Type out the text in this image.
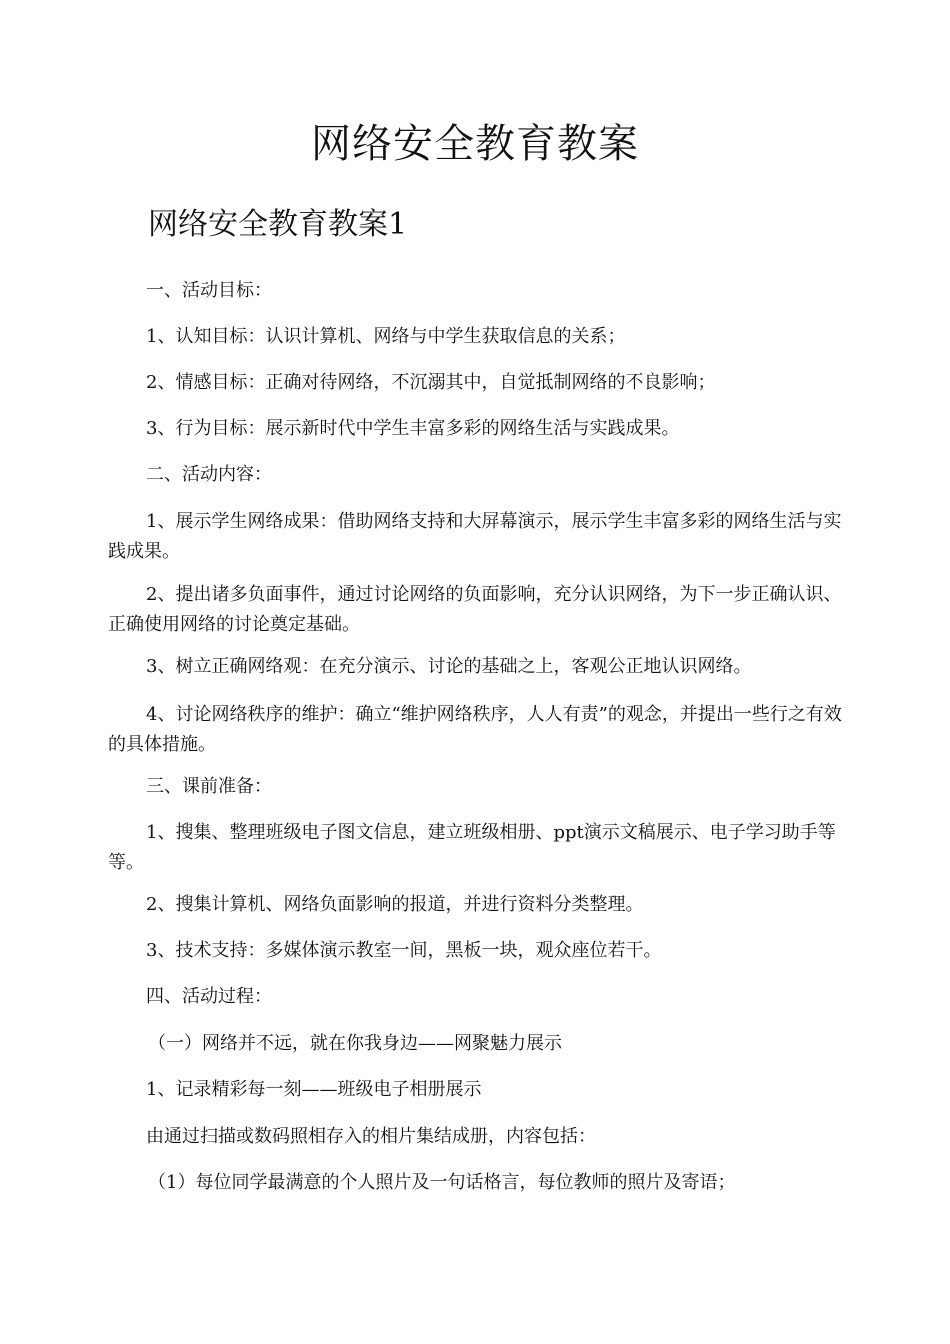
网络安全教育教案
网络安全教育教案1

一、活动目标：

1、认知目标：认识计算机、网络与中学生获取信息的关系；

2、情感目标：正确对待网络，不沉溺其中，自觉抵制网络的不良影响；

3、行为目标：展示新时代中学生丰富多彩的网络生活与实践成果。

二、活动内容：

1、展示学生网络成果：借助网络支持和大屏幕演示，展示学生丰富多彩的网络生活与实践成果。

2、提出诸多负面事件，通过讨论网络的负面影响，充分认识网络，为下一步正确认识、正确使用网络的讨论奠定基础。

3、树立正确网络观：在充分演示、讨论的基础之上，客观公正地认识网络。

4、讨论网络秩序的维护：确立“维护网络秩序，人人有责”的观念，并提出一些行之有效的具体措施。

三、课前准备：

1、搜集、整理班级电子图文信息，建立班级相册、ppt演示文稿展示、电子学习助手等等。

2、搜集计算机、网络负面影响的报道，并进行资料分类整理。

3、技术支持：多媒体演示教室一间，黑板一块，观众座位若干。

四、活动过程：

（一）网络并不远，就在你我身边——网聚魅力展示

1、记录精彩每一刻——班级电子相册展示

由通过扫描或数码照相存入的相片集结成册，内容包括：

（1）每位同学最满意的个人照片及一句话格言，每位教师的照片及寄语；
